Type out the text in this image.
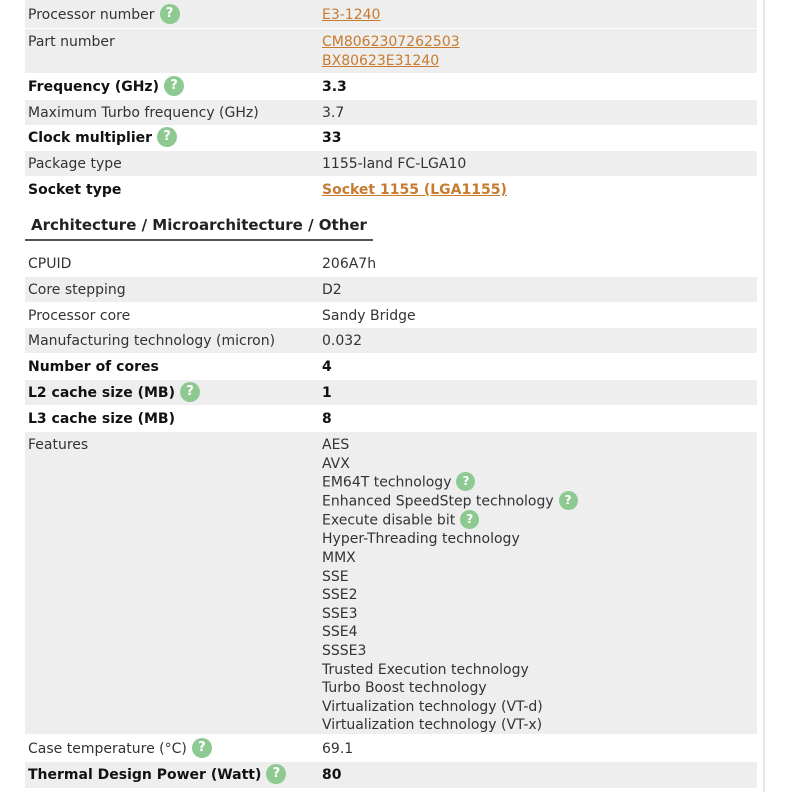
Processor number ?	E3-1240
Part number	CM8062307262503
BX80623E31240
Frequency (GHz) ?	3.3
Maximum Turbo frequency (GHz)	3.7
Clock multiplier ?	33
Package type	1155-land FC-LGA10
Socket type	Socket 1155 (LGA1155)
Architecture / Microarchitecture / Other
CPUID	206A7h
Core stepping	D2
Processor core	Sandy Bridge
Manufacturing technology (micron)	0.032
Number of cores	4
L2 cache size (MB) ?	1
L3 cache size (MB)	8
Features	AES
AVX
EM64T technology ?
Enhanced SpeedStep technology ?
Execute disable bit ?
Hyper-Threading technology
MMX
SSE
SSE2
SSE3
SSE4
SSSE3
Trusted Execution technology
Turbo Boost technology
Virtualization technology (VT-d)
Virtualization technology (VT-x)
Case temperature (°C) ?	69.1
Thermal Design Power (Watt) ?	80
